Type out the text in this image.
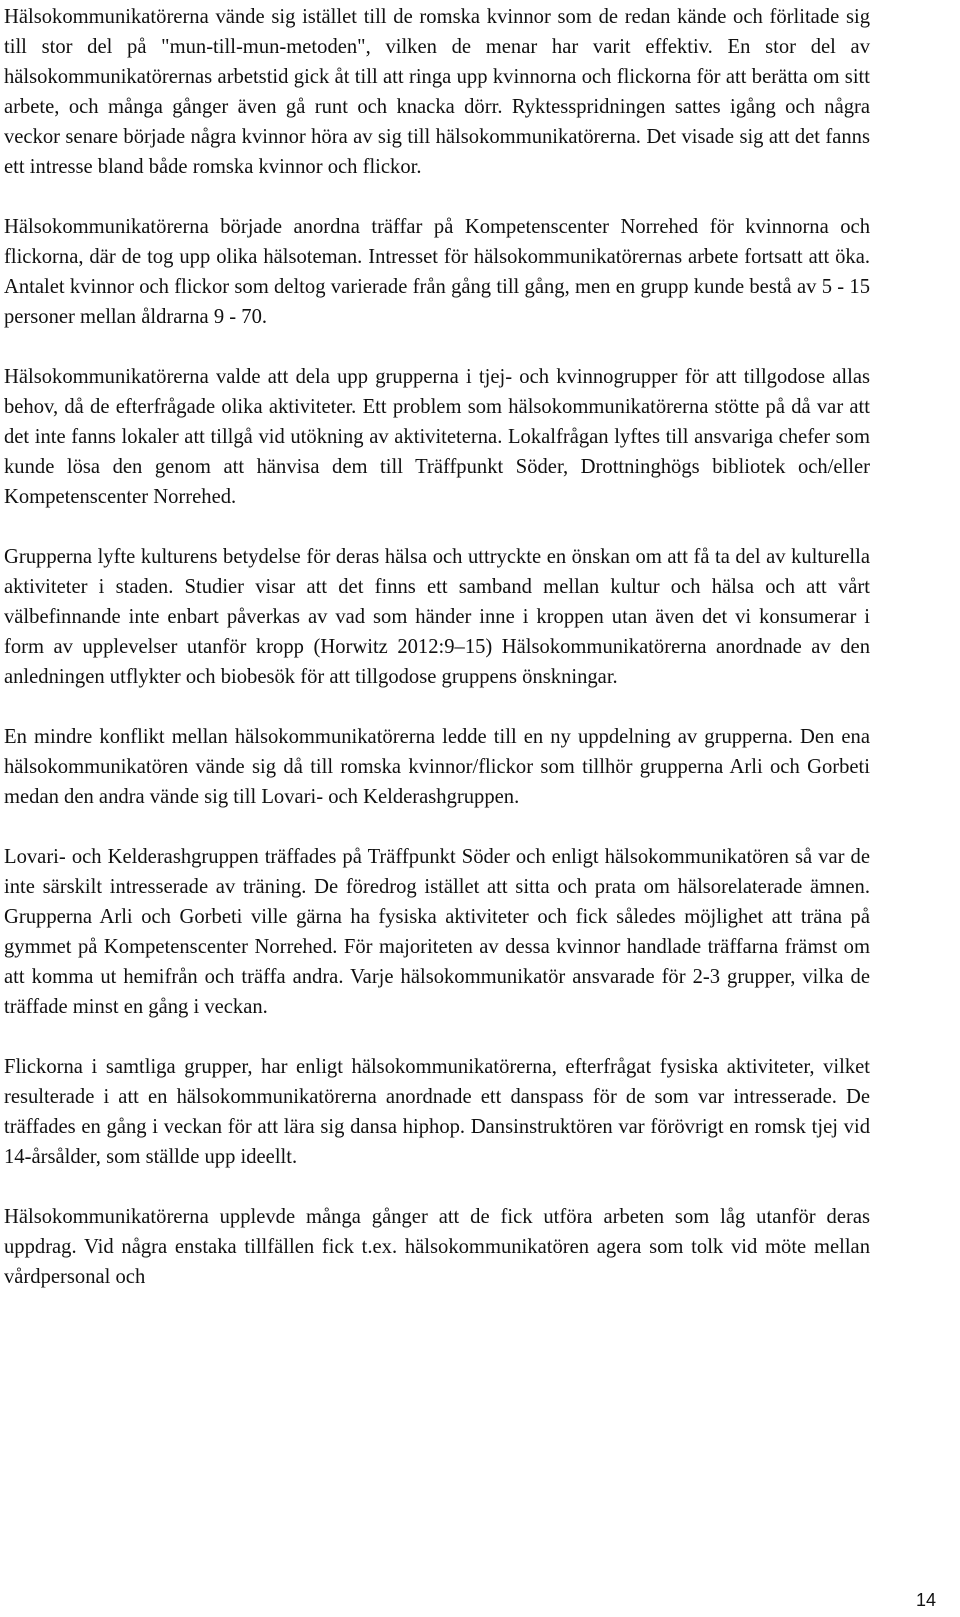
Hälsokommunikatörerna vände sig istället till de romska kvinnor som de redan kände och förlitade sig till stor del på "mun-till-mun-metoden", vilken de menar har varit effektiv. En stor del av hälsokommunikatörernas arbetstid gick åt till att ringa upp kvinnorna och flickorna för att berätta om sitt arbete, och många gånger även gå runt och knacka dörr. Ryktesspridningen sattes igång och några veckor senare började några kvinnor höra av sig till hälsokommunikatörerna. Det visade sig att det fanns ett intresse bland både romska kvinnor och flickor.

Hälsokommunikatörerna började anordna träffar på Kompetenscenter Norrehed för kvinnorna och flickorna, där de tog upp olika hälsoteman. Intresset för hälsokommunikatörernas arbete fortsatt att öka. Antalet kvinnor och flickor som deltog varierade från gång till gång, men en grupp kunde bestå av 5 - 15 personer mellan åldrarna 9 - 70.

Hälsokommunikatörerna valde att dela upp grupperna i tjej- och kvinnogrupper för att tillgodose allas behov, då de efterfrågade olika aktiviteter. Ett problem som hälsokommunikatörerna stötte på då var att det inte fanns lokaler att tillgå vid utökning av aktiviteterna. Lokalfrågan lyftes till ansvariga chefer som kunde lösa den genom att hänvisa dem till Träffpunkt Söder, Drottninghögs bibliotek och/eller Kompetenscenter Norrehed.

Grupperna lyfte kulturens betydelse för deras hälsa och uttryckte en önskan om att få ta del av kulturella aktiviteter i staden. Studier visar att det finns ett samband mellan kultur och hälsa och att vårt välbefinnande inte enbart påverkas av vad som händer inne i kroppen utan även det vi konsumerar i form av upplevelser utanför kropp (Horwitz 2012:9–15) Hälsokommunikatörerna anordnade av den anledningen utflykter och biobesök för att tillgodose gruppens önskningar.

En mindre konflikt mellan hälsokommunikatörerna ledde till en ny uppdelning av grupperna. Den ena hälsokommunikatören vände sig då till romska kvinnor/flickor som tillhör grupperna Arli och Gorbeti medan den andra vände sig till Lovari- och Kelderashgruppen.

Lovari- och Kelderashgruppen träffades på Träffpunkt Söder och enligt hälsokommunikatören så var de inte särskilt intresserade av träning. De föredrog istället att sitta och prata om hälsorelaterade ämnen. Grupperna Arli och Gorbeti ville gärna ha fysiska aktiviteter och fick således möjlighet att träna på gymmet på Kompetenscenter Norrehed. För majoriteten av dessa kvinnor handlade träffarna främst om att komma ut hemifrån och träffa andra. Varje hälsokommunikatör ansvarade för 2-3 grupper, vilka de träffade minst en gång i veckan.

Flickorna i samtliga grupper, har enligt hälsokommunikatörerna, efterfrågat fysiska aktiviteter, vilket resulterade i att en hälsokommunikatörerna anordnade ett danspass för de som var intresserade. De träffades en gång i veckan för att lära sig dansa hiphop. Dansinstruktören var förövrigt en romsk tjej vid 14-årsålder, som ställde upp ideellt.

Hälsokommunikatörerna upplevde många gånger att de fick utföra arbeten som låg utanför deras uppdrag. Vid några enstaka tillfällen fick t.ex. hälsokommunikatören agera som tolk vid möte mellan vårdpersonal och

14
